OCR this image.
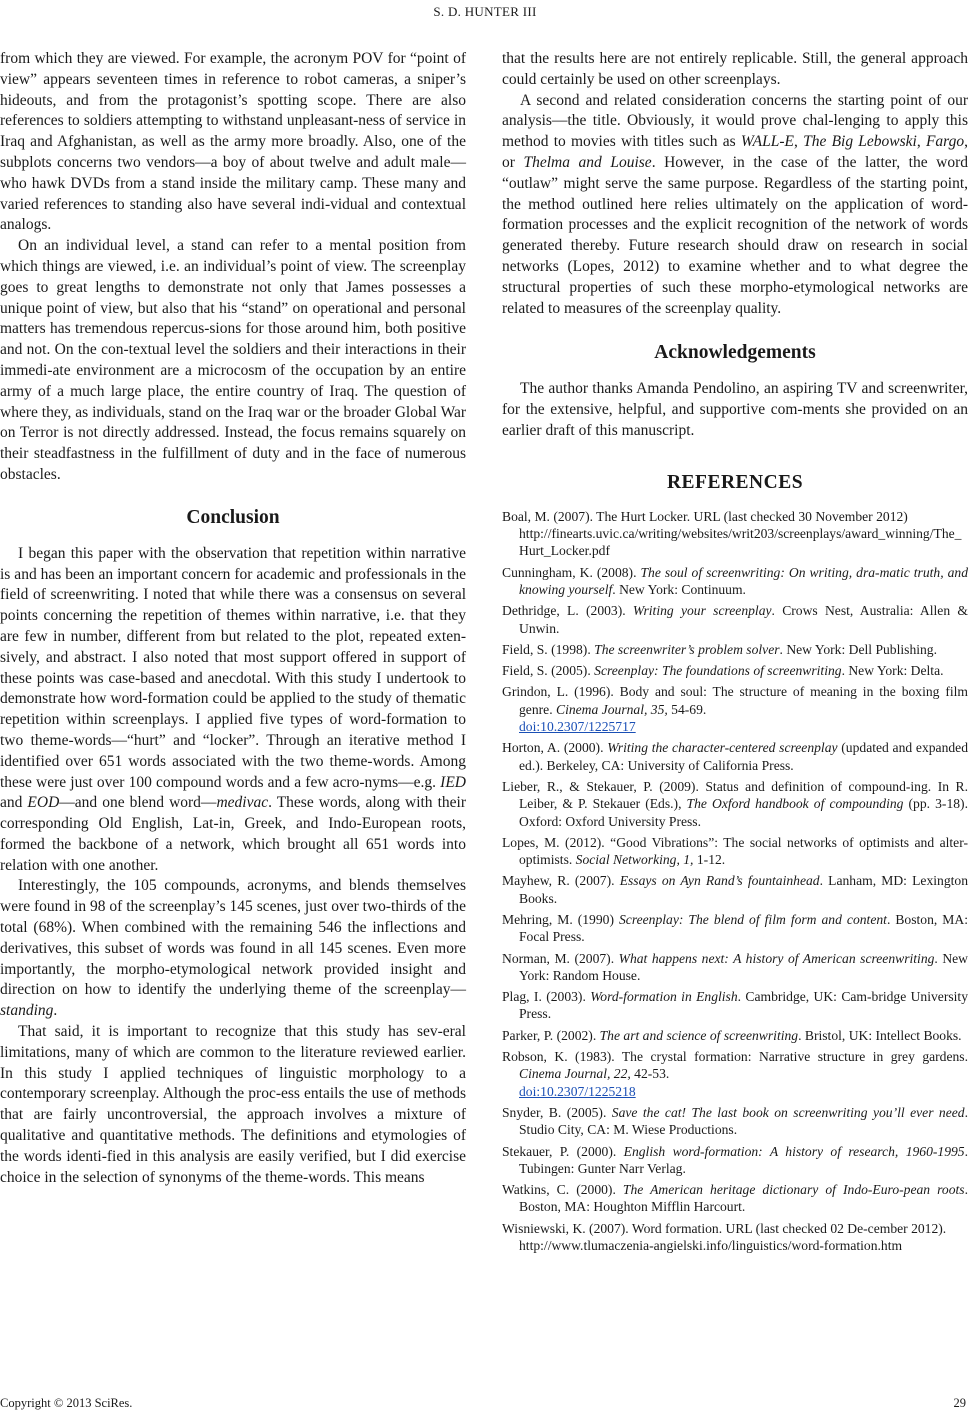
S. D. HUNTER III

from which they are viewed. For example, the acronym POV for “point of view” appears seventeen times in reference to robot cameras, a sniper’s hideouts, and from the protagonist’s spotting scope. There are also references to soldiers attempting to withstand unpleasant-ness of service in Iraq and Afghanistan, as well as the army more broadly. Also, one of the subplots concerns two vendors—a boy of about twelve and adult male—who hawk DVDs from a stand inside the military camp. These many and varied references to standing also have several indi-vidual and contextual analogs.

On an individual level, a stand can refer to a mental position from which things are viewed, i.e. an individual’s point of view. The screenplay goes to great lengths to demonstrate not only that James possesses a unique point of view, but also that his “stand” on operational and personal matters has tremendous repercus-sions for those around him, both positive and not. On the con-textual level the soldiers and their interactions in their immedi-ate environment are a microcosm of the occupation by an entire army of a much large place, the entire country of Iraq. The question of where they, as individuals, stand on the Iraq war or the broader Global War on Terror is not directly addressed. Instead, the focus remains squarely on their steadfastness in the fulfillment of duty and in the face of numerous obstacles.

Conclusion

I began this paper with the observation that repetition within narrative is and has been an important concern for academic and professionals in the field of screenwriting. I noted that while there was a consensus on several points concerning the repetition of themes within narrative, i.e. that they are few in number, different from but related to the plot, repeated exten-sively, and abstract. I also noted that most support offered in support of these points was case-based and anecdotal. With this study I undertook to demonstrate how word-formation could be applied to the study of thematic repetition within screenplays. I applied five types of word-formation to two theme-words—“hurt” and “locker”. Through an iterative method I identified over 651 words associated with the two theme-words. Among these were just over 100 compound words and a few acro-nyms—e.g. IED and EOD—and one blend word—medivac. These words, along with their corresponding Old English, Lat-in, Greek, and Indo-European roots, formed the backbone of a network, which brought all 651 words into relation with one another.

Interestingly, the 105 compounds, acronyms, and blends themselves were found in 98 of the screenplay’s 145 scenes, just over two-thirds of the total (68%). When combined with the remaining 546 the inflections and derivatives, this subset of words was found in all 145 scenes. Even more importantly, the morpho-etymological network provided insight and direction on how to identify the underlying theme of the screenplay—standing.

That said, it is important to recognize that this study has sev-eral limitations, many of which are common to the literature reviewed earlier. In this study I applied techniques of linguistic morphology to a contemporary screenplay. Although the proc-ess entails the use of methods that are fairly uncontroversial, the approach involves a mixture of qualitative and quantitative methods. The definitions and etymologies of the words identi-fied in this analysis are easily verified, but I did exercise choice in the selection of synonyms of the theme-words. This means

that the results here are not entirely replicable. Still, the general approach could certainly be used on other screenplays.

A second and related consideration concerns the starting point of our analysis—the title. Obviously, it would prove chal-lenging to apply this method to movies with titles such as WALL-E, The Big Lebowski, Fargo, or Thelma and Louise. However, in the case of the latter, the word “outlaw” might serve the same purpose. Regardless of the starting point, the method outlined here relies ultimately on the application of word-formation processes and the explicit recognition of the network of words generated thereby. Future research should draw on research in social networks (Lopes, 2012) to examine whether and to what degree the structural properties of such these morpho-etymological networks are related to measures of the screenplay quality.

Acknowledgements

The author thanks Amanda Pendolino, an aspiring TV and screenwriter, for the extensive, helpful, and supportive com-ments she provided on an earlier draft of this manuscript.

REFERENCES

Boal, M. (2007). The Hurt Locker. URL (last checked 30 November 2012)
http://finearts.uvic.ca/writing/websites/writ203/screenplays/award_winning/The_Hurt_Locker.pdf

Cunningham, K. (2008). The soul of screenwriting: On writing, dra-matic truth, and knowing yourself. New York: Continuum.

Dethridge, L. (2003). Writing your screenplay. Crows Nest, Australia: Allen & Unwin.

Field, S. (1998). The screenwriter’s problem solver. New York: Dell Publishing.

Field, S. (2005). Screenplay: The foundations of screenwriting. New York: Delta.

Grindon, L. (1996). Body and soul: The structure of meaning in the boxing film genre. Cinema Journal, 35, 54-69.
doi:10.2307/1225717

Horton, A. (2000). Writing the character-centered screenplay (updated and expanded ed.). Berkeley, CA: University of California Press.

Lieber, R., & Stekauer, P. (2009). Status and definition of compound-ing. In R. Leiber, & P. Stekauer (Eds.), The Oxford handbook of compounding (pp. 3-18). Oxford: Oxford University Press.

Lopes, M. (2012). “Good Vibrations”: The social networks of optimists and alter-optimists. Social Networking, 1, 1-12.

Mayhew, R. (2007). Essays on Ayn Rand’s fountainhead. Lanham, MD: Lexington Books.

Mehring, M. (1990) Screenplay: The blend of film form and content. Boston, MA: Focal Press.

Norman, M. (2007). What happens next: A history of American screenwriting. New York: Random House.

Plag, I. (2003). Word-formation in English. Cambridge, UK: Cam-bridge University Press.

Parker, P. (2002). The art and science of screenwriting. Bristol, UK: Intellect Books.

Robson, K. (1983). The crystal formation: Narrative structure in grey gardens. Cinema Journal, 22, 42-53.
doi:10.2307/1225218

Snyder, B. (2005). Save the cat! The last book on screenwriting you’ll ever need. Studio City, CA: M. Wiese Productions.

Stekauer, P. (2000). English word-formation: A history of research, 1960-1995. Tubingen: Gunter Narr Verlag.

Watkins, C. (2000). The American heritage dictionary of Indo-Euro-pean roots. Boston, MA: Houghton Mifflin Harcourt.

Wisniewski, K. (2007). Word formation. URL (last checked 02 De-cember 2012).
http://www.tlumaczenia-angielski.info/linguistics/word-formation.htm

Copyright © 2013 SciRes.	29
